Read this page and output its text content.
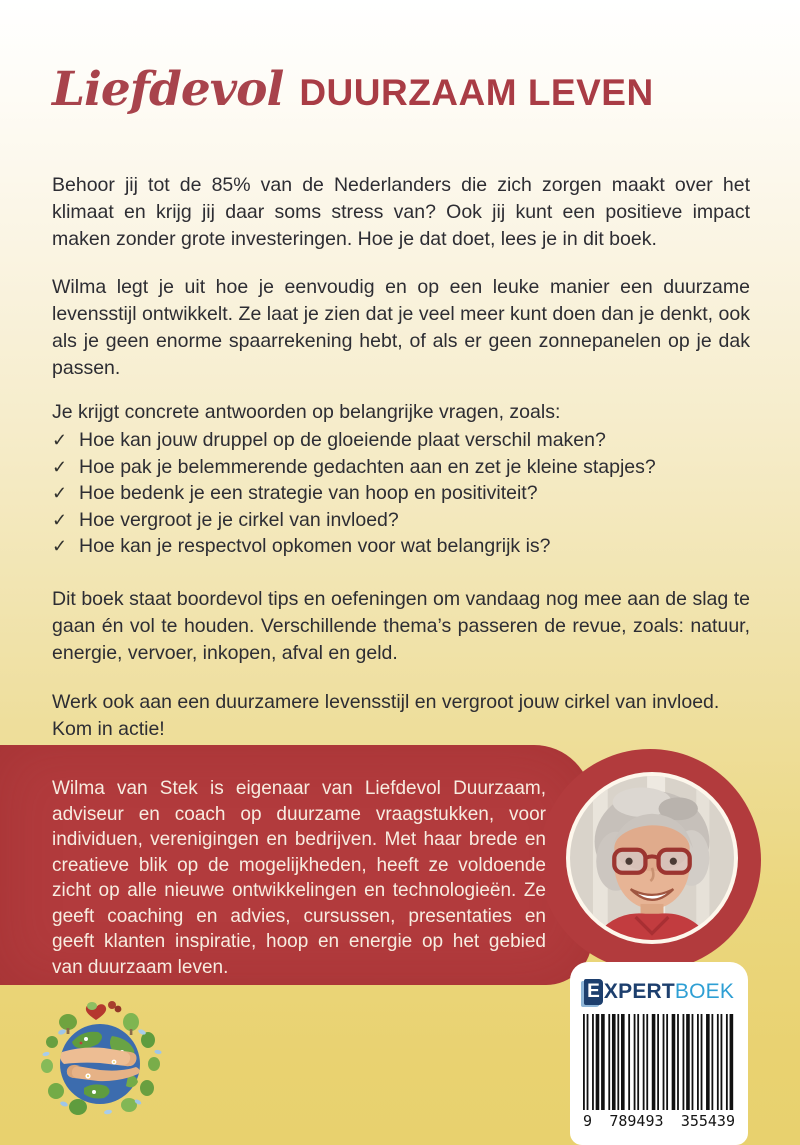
Liefdevol DUURZAAM LEVEN

Behoor jij tot de 85% van de Nederlanders die zich zorgen maakt over het klimaat en krijg jij daar soms stress van? Ook jij kunt een positieve impact maken zonder grote investeringen. Hoe je dat doet, lees je in dit boek.

Wilma legt je uit hoe je eenvoudig en op een leuke manier een duurzame levensstijl ontwikkelt. Ze laat je zien dat je veel meer kunt doen dan je denkt, ook als je geen enorme spaarrekening hebt, of als er geen zonnepanelen op je dak passen.

Je krijgt concrete antwoorden op belangrijke vragen, zoals:

✓ Hoe kan jouw druppel op de gloeiende plaat verschil maken?
✓ Hoe pak je belemmerende gedachten aan en zet je kleine stapjes?
✓ Hoe bedenk je een strategie van hoop en positiviteit?
✓ Hoe vergroot je je cirkel van invloed?
✓ Hoe kan je respectvol opkomen voor wat belangrijk is?

Dit boek staat boordevol tips en oefeningen om vandaag nog mee aan de slag te gaan én vol te houden. Verschillende thema’s passeren de revue, zoals: natuur, energie, vervoer, inkopen, afval en geld.

Werk ook aan een duurzamere levensstijl en vergroot jouw cirkel van invloed. Kom in actie!

Wilma van Stek is eigenaar van Liefdevol Duurzaam, adviseur en coach op duurzame vraagstukken, voor individuen, verenigingen en bedrijven. Met haar brede en creatieve blik op de mogelijkheden, heeft ze voldoende zicht op alle nieuwe ontwikkelingen en technologieën. Ze geeft coaching en advies, cursussen, presentaties en geeft klanten inspiratie, hoop en energie op het gebied van duurzaam leven.

E XPERT BOEK
9 789493 355439
